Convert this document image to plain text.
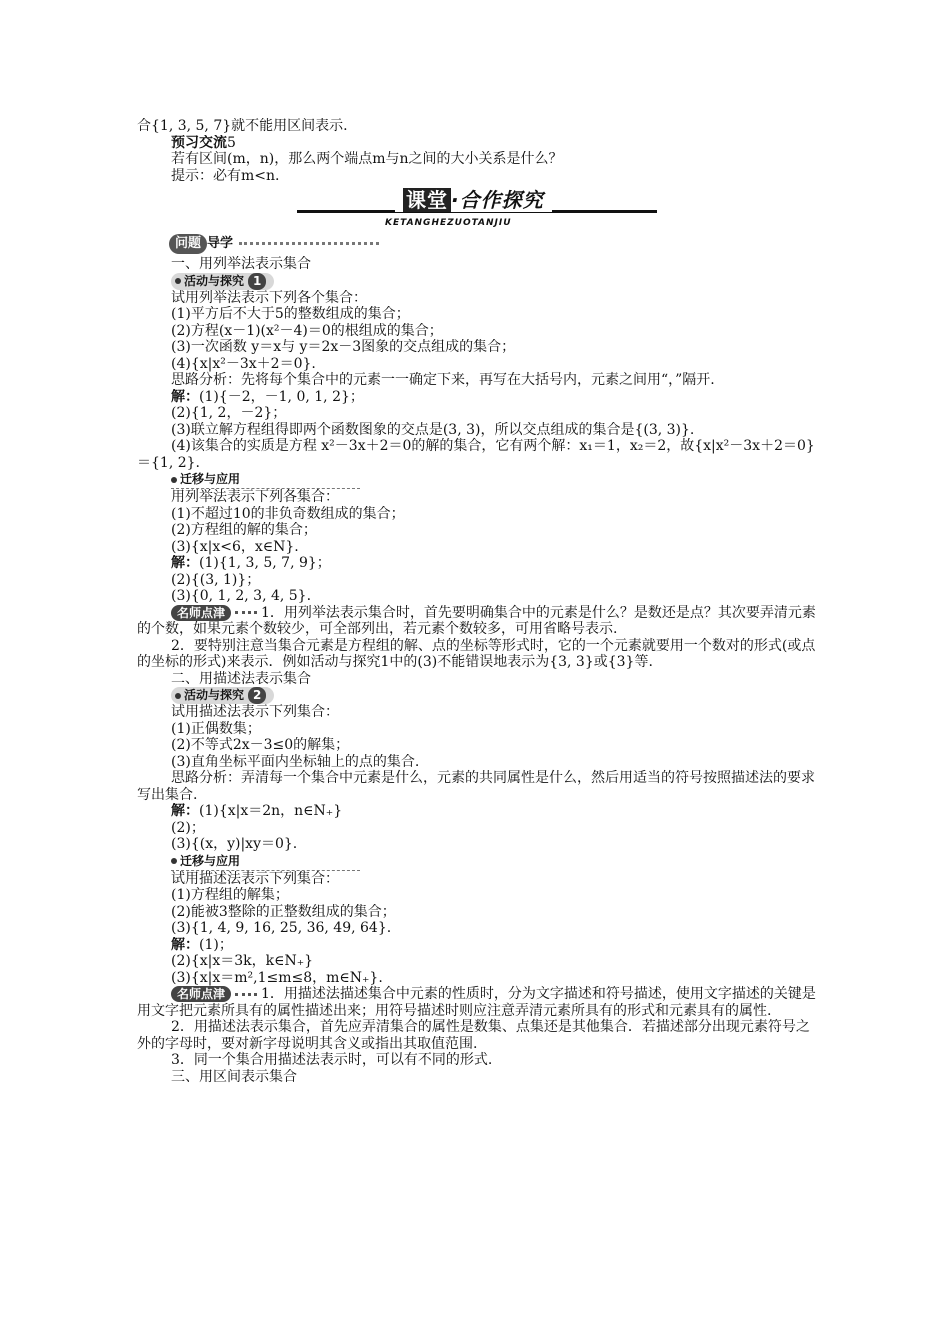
合{1, 3, 5, 7}就不能用区间表示.
预习交流5
若有区间(m，n)，那么两个端点m与n之间的大小关系是什么？
提示：必有m<n.
课堂 ·合作探究
KETANGHEZUOTANJIU
问题 导学
一、用列举法表示集合
活动与探究 1
试用列举法表示下列各个集合：
(1)平方后不大于5的整数组成的集合；
(2)方程(x－1)(x²－4)＝0的根组成的集合；
(3)一次函数 y＝x与 y＝2x－3图象的交点组成的集合；
(4){x|x²－3x＋2＝0}.
思路分析：先将每个集合中的元素一一确定下来，再写在大括号内，元素之间用“，”隔开.
解：(1){－2，－1, 0, 1, 2}；
(2){1, 2，－2}；
(3)联立解方程组得即两个函数图象的交点是(3, 3)，所以交点组成的集合是{(3, 3)}.
(4)该集合的实质是方程 x²－3x＋2＝0的解的集合，它有两个解：x₁＝1，x₂＝2，故{x|x²－3x＋2＝0}＝{1, 2}.
迁移与应用
用列举法表示下列各集合：
(1)不超过10的非负奇数组成的集合；
(2)方程组的解的集合；
(3){x|x<6，x∈N}.
解：(1){1, 3, 5, 7, 9}；
(2){(3, 1)}；
(3){0, 1, 2, 3, 4, 5}.
名师点津	1．用列举法表示集合时，首先要明确集合中的元素是什么？是数还是点？其次要弄清元素的个数，如果元素个数较少，可全部列出，若元素个数较多，可用省略号表示.
2．要特别注意当集合元素是方程组的解、点的坐标等形式时，它的一个元素就要用一个数对的形式(或点的坐标的形式)来表示．例如活动与探究1中的(3)不能错误地表示为{3, 3}或{3}等.
二、用描述法表示集合
活动与探究 2
试用描述法表示下列集合：
(1)正偶数集；
(2)不等式2x－3≤0的解集；
(3)直角坐标平面内坐标轴上的点的集合.
思路分析：弄清每一个集合中元素是什么，元素的共同属性是什么，然后用适当的符号按照描述法的要求写出集合.
解：(1){x|x＝2n，n∈N₊}
(2)；
(3){(x，y)|xy＝0}.
迁移与应用
试用描述法表示下列集合：
(1)方程组的解集；
(2)能被3整除的正整数组成的集合；
(3){1, 4, 9, 16, 25, 36, 49, 64}.
解：(1)；
(2){x|x＝3k，k∈N₊}
(3){x|x＝m²,1≤m≤8，m∈N₊}.
名师点津	1．用描述法描述集合中元素的性质时，分为文字描述和符号描述，使用文字描述的关键是用文字把元素所具有的属性描述出来；用符号描述时则应注意弄清元素所具有的形式和元素具有的属性.
2．用描述法表示集合，首先应弄清集合的属性是数集、点集还是其他集合．若描述部分出现元素符号之外的字母时，要对新字母说明其含义或指出其取值范围.
3．同一个集合用描述法表示时，可以有不同的形式.
三、用区间表示集合
